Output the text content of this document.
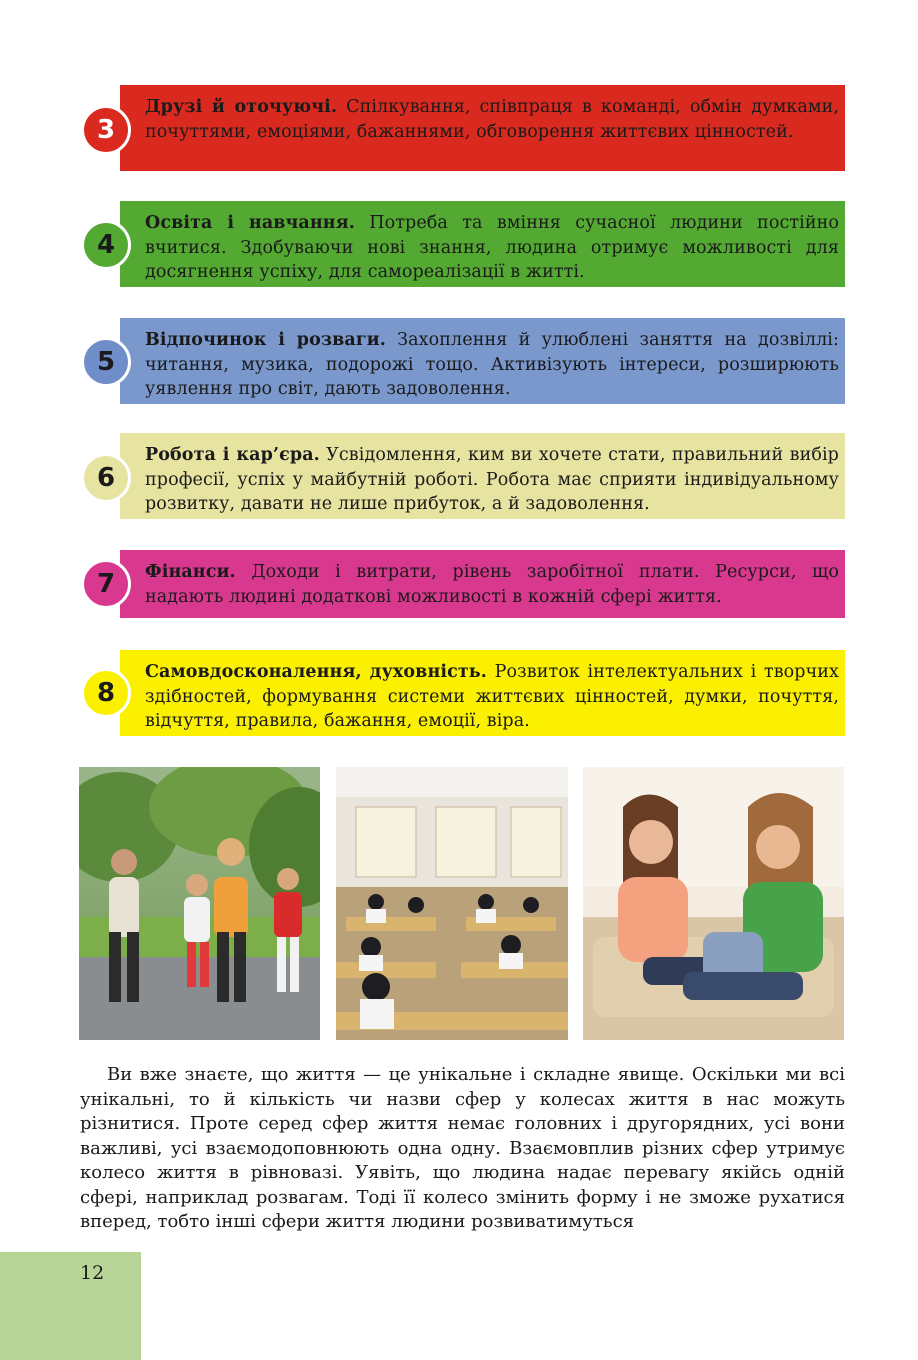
Друзі й оточуючі. Спілкування, співпраця в команді, обмін думками, почуттями, емоціями, бажаннями, обговорення життєвих цінностей.
3
Освіта і навчання. Потреба та вміння сучасної людини постійно вчитися. Здобуваючи нові знання, людина отримує можливості для досягнення успіху, для самореалізації в житті.
4
Відпочинок і розваги. Захоплення й улюблені заняття на дозвіллі: читання, музика, подорожі тощо. Активізують інтереси, розширюють уявлення про світ, дають задоволення.
5
Робота і кар’єра. Усвідомлення, ким ви хочете стати, правильний вибір професії, успіх у майбутній роботі. Робота має сприяти індивідуальному розвитку, давати не лише прибуток, а й задоволення.
6
Фінанси. Доходи і витрати, рівень заробітної плати. Ресурси, що надають людині додаткові можливості в кожній сфері життя.
7
Самовдосконалення, духовність. Розвиток інтелектуальних і творчих здібностей, формування системи життєвих цінностей, думки, почуття, відчуття, правила, бажання, емоції, віра.
8

Ви вже знаєте, що життя — це унікальне і складне явище. Оскільки ми всі унікальні, то й кількість чи назви сфер у колесах життя в нас можуть різнитися. Проте серед сфер життя немає головних і другорядних, усі вони важливі, усі взаємодоповнюють одна одну. Взаємовплив різних сфер утримує колесо життя в рівновазі. Уявіть, що людина надає перевагу якійсь одній сфері, наприклад розвагам. Тоді її колесо змінить форму і не зможе рухатися вперед, тобто інші сфери життя людини розвиватимуться

12
